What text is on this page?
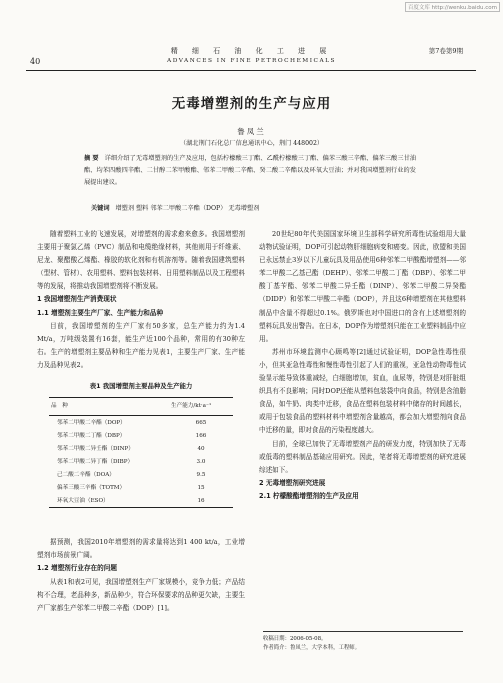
百度文库 http://wenku.baidu.com
精 细 石 油 化 工 进 展
ADVANCES IN FINE PETROCHEMICALS
40
第7卷第9期
无毒增塑剂的生产与应用
鲁凤兰
（湖北荆门石化总厂信息通讯中心，荆门 448002）
摘 要 详细介绍了无毒增塑剂的生产及应用，包括柠檬酸三丁酯、乙酰柠檬酸三丁酯、偏苯三酸三辛酯、偏苯三酸三甘油酯、均苯四酸四辛酯、二甘醇二苯甲酸酯、邻苯二甲酸二辛酯、癸二酸二辛酯以及环氧大豆油；并对我国增塑剂行业的发展提出建议。
关键词 增塑剂 塑料 邻苯二甲酸二辛酯（DOP） 无毒增塑剂

随着塑料工业的飞速发展，对增塑剂的需求愈来愈多。我国增塑剂主要用于聚氯乙烯（PVC）制品和电缆绝缘材料，其他则用于纤维素、尼龙、聚醋酸乙烯酯、橡胶的软化剂和有机溶剂等。随着我国建筑塑料（型材、管材）、农用塑料、塑料包装材料、日用塑料制品以及工程塑料等的发展，将推动我国增塑剂将不断发展。

1 我国增塑剂生产消费现状

1.1 增塑剂主要生产厂家、生产能力和品种

目前，我国增塑剂的生产厂家有50多家，总生产能力约为1.4 Mt/a，万吨级装置有16套，能生产近100个品种，常用的有30种左右。生产的增塑剂主要品种和生产能力见表1，主要生产厂家、生产能力及品种见表2。

表1 我国增塑剂主要品种及生产能力
品　种	生产能力/kt·a⁻¹
邻苯二甲酸二辛酯（DOP）	665
邻苯二甲酸二丁酯（DBP）	166
邻苯二甲酸二异壬酯（DINP）	40
邻苯二甲酸二异丁酯（DIBP）	3.0
己二酸二辛酯（DOA）	9.5
偏苯三酸三辛酯（TOTM）	15
环氧大豆油（ESO）	16

据预测，我国2010年增塑剂的需求量将达到1 400 kt/a，工业增塑剂市场前景广阔。

1.2 增塑剂行业存在的问题

从表1和表2可见，我国增塑剂生产厂家规模小，竞争力低；产品结构不合理，老品种多，新品种少，符合环保要求的品种更欠缺，主要生产厂家都生产邻苯二甲酸二辛酯（DOP）[1]。

20世纪80年代美国国家环境卫生部科学研究所毒性试验组用大量动物试验证明，DOP可引起动物肝细胞病变和癌变。因此，欧盟和美国已永远禁止3岁以下儿童玩具及用品使用6种邻苯二甲酸酯增塑剂——邻苯二甲酸二乙基己酯（DEHP）、邻苯二甲酸二丁酯（DBP）、邻苯二甲酸丁基苄酯、邻苯二甲酸二异壬酯（DINP）、邻苯二甲酸二异癸酯（DIDP）和邻苯二甲酸二辛酯（DOP），并且这6种增塑剂在其他塑料制品中含量不得超过0.1%。俄罗斯也对中国进口的含有上述增塑剂的塑料玩具发出警告。在日本，DOP作为增塑剂只能在工业塑料制品中应用。

苏州市环境监测中心顾鸣等[2]通过试验证明，DOP急性毒性很小，但其亚急性毒性和慢性毒性引起了人们的重视，亚急性动物毒性试验显示能导致体重减轻，白细胞增加，贫血，血尿等，特别是对肝脏组织具有不良影响；同时DOP还能从塑料包装袋中向食品，特别是含油脂食品，如牛奶、肉类中迁移，食品在塑料包装材料中储存的时间越长，或用于包装食品的塑料材料中增塑剂含量越高，都会加大增塑剂向食品中迁移的量，即对食品的污染程度越大。

目前，全球已加快了无毒增塑剂产品的研发力度，特别加快了无毒或低毒的塑料制品基础应用研究。因此，笔者将无毒增塑剂的研究进展综述如下。

2 无毒增塑剂研究进展

2.1 柠檬酸酯增塑剂的生产及应用

收稿日期：2006-05-08。
作者简介：鲁凤兰，大学本科，工程师。
